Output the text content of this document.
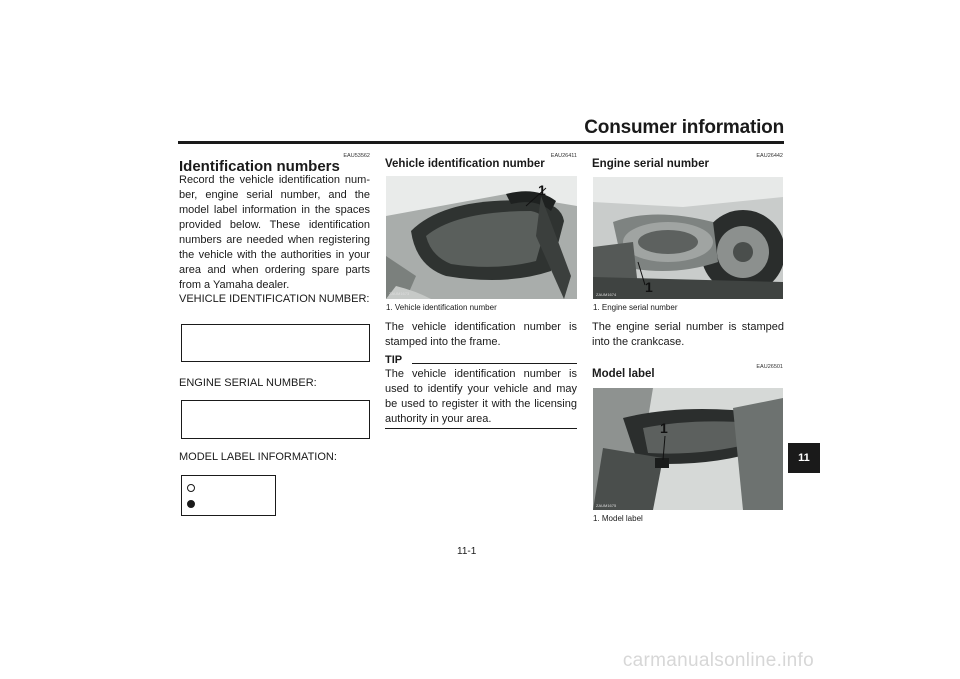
Consumer information
EAU53562
Identification numbers
Record the vehicle identification num-ber, engine serial number, and the model label information in the spaces provided below. These identification numbers are needed when registering the vehicle with the authorities in your area and when ordering spare parts from a Yamaha dealer.
VEHICLE IDENTIFICATION NUMBER:
ENGINE SERIAL NUMBER:
MODEL LABEL INFORMATION:
EAU26411
Vehicle identification number
ZAUM1673
1
1. Vehicle identification number
The vehicle identification number is stamped into the frame.
TIP
The vehicle identification number is used to identify your vehicle and may be used to register it with the licensing authority in your area.
EAU26442
Engine serial number
ZAUM1674 1
1. Engine serial number
The engine serial number is stamped into the crankcase.
EAU26501
Model label
ZAUM1675
1
1. Model label
11
11-1
carmanualsonline.info
